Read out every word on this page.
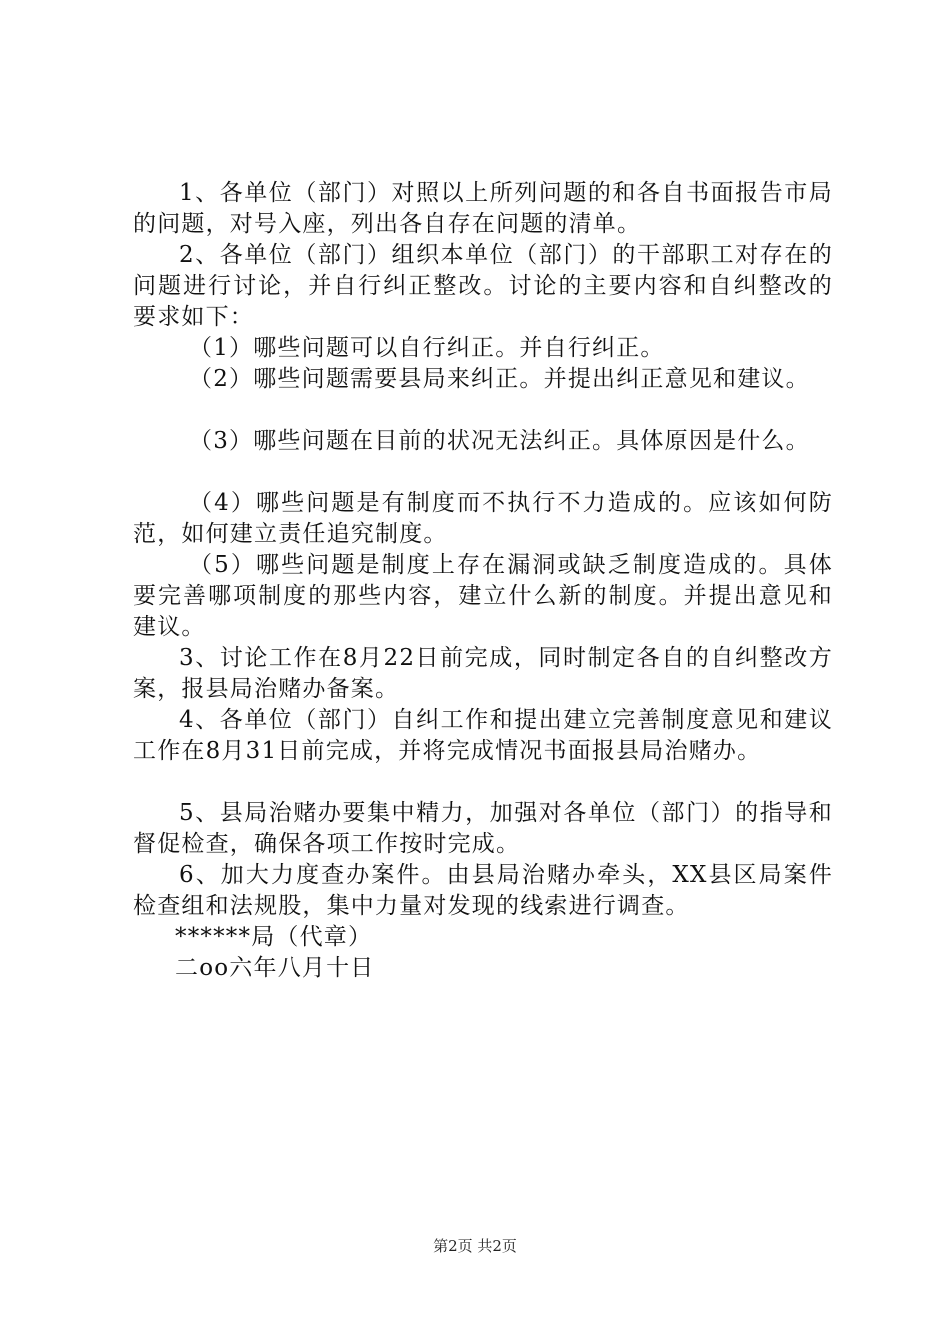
1、各单位（部门）对照以上所列问题的和各自书面报告市局的问题，对号入座，列出各自存在问题的清单。

2、各单位（部门）组织本单位（部门）的干部职工对存在的问题进行讨论，并自行纠正整改。讨论的主要内容和自纠整改的要求如下：

（1）哪些问题可以自行纠正。并自行纠正。

（2）哪些问题需要县局来纠正。并提出纠正意见和建议。

（3）哪些问题在目前的状况无法纠正。具体原因是什么。

（4）哪些问题是有制度而不执行不力造成的。应该如何防范，如何建立责任追究制度。

（5）哪些问题是制度上存在漏洞或缺乏制度造成的。具体要完善哪项制度的那些内容，建立什么新的制度。并提出意见和建议。

3、讨论工作在8月22日前完成，同时制定各自的自纠整改方案，报县局治赌办备案。

4、各单位（部门）自纠工作和提出建立完善制度意见和建议工作在8月31日前完成，并将完成情况书面报县局治赌办。

5、县局治赌办要集中精力，加强对各单位（部门）的指导和督促检查，确保各项工作按时完成。

6、加大力度查办案件。由县局治赌办牵头，XX县区局案件检查组和法规股，集中力量对发现的线索进行调查。

******局（代章）

二oo六年八月十日

第2页 共2页
